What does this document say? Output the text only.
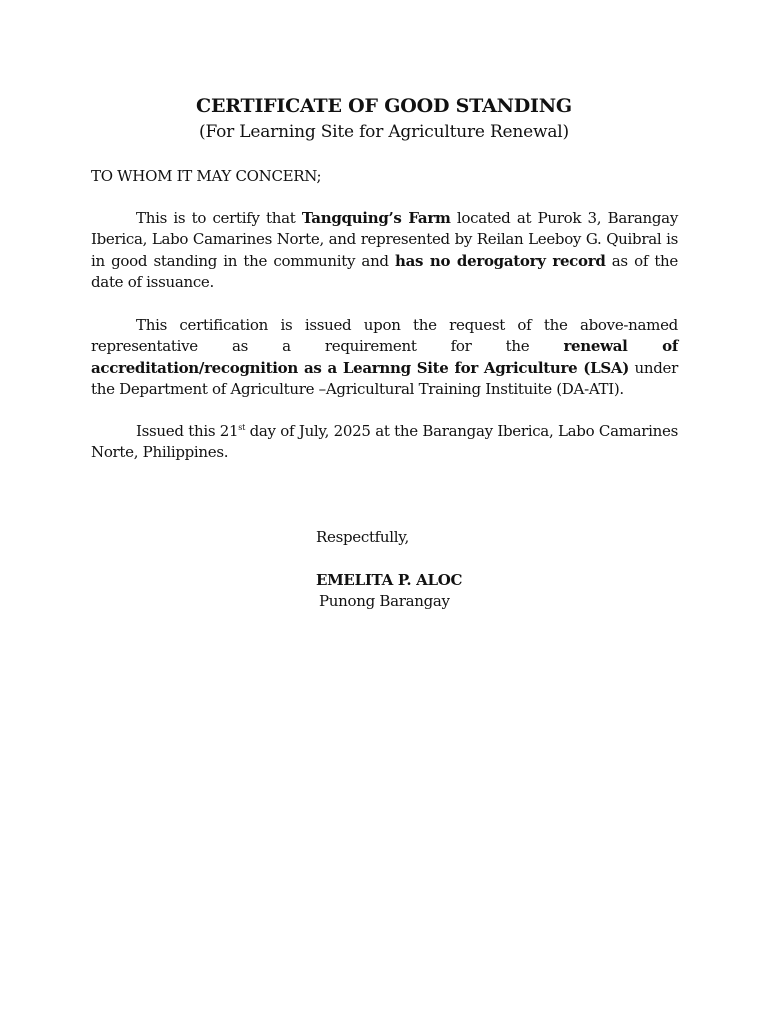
CERTIFICATE OF GOOD STANDING
(For Learning Site for Agriculture Renewal)
TO WHOM IT MAY CONCERN;

This is to certify that Tangquing’s Farm located at Purok 3, Barangay Iberica, Labo Camarines Norte, and represented by Reilan Leeboy G. Quibral is in good standing in the community and has no derogatory record as of the date of issuance.

This certification is issued upon the request of the above-named representative as a requirement for the renewal of accreditation/recognition as a Learnng Site for Agriculture (LSA) under the Department of Agriculture –Agricultural Training Instituite (DA-ATI).

Issued this 21st day of July, 2025 at the Barangay Iberica, Labo Camarines Norte, Philippines.

Respectfully,
EMELITA P. ALOC
Punong Barangay
